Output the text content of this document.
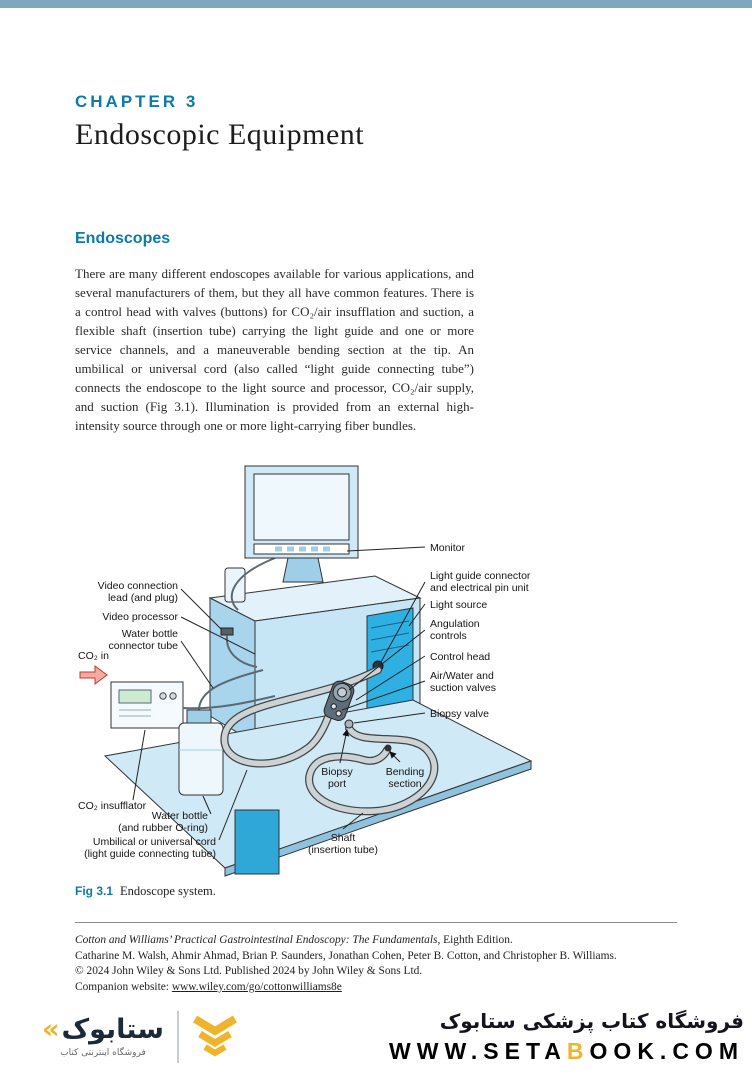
CHAPTER 3
Endoscopic Equipment
Endoscopes

There are many different endoscopes available for various applications, and several manufacturers of them, but they all have common features. There is a control head with valves (buttons) for CO₂/air insufflation and suction, a flexible shaft (insertion tube) carrying the light guide and one or more service channels, and a maneuverable bending section at the tip. An umbilical or universal cord (also called “light guide connecting tube”) connects the endoscope to the light source and processor, CO₂/air supply, and suction (Fig 3.1). Illumination is provided from an external high-intensity source through one or more light-carrying fiber bundles.

Monitor
Light guide connector
and electrical pin unit
Light source
Angulation
controls
Control head
Air/Water and
suction valves
Biopsy valve
Video connection
lead (and plug)
Video processor
Water bottle
connector tube
CO₂ in
CO₂ insufflator
Water bottle
(and rubber O-ring)
Umbilical or universal cord
(light guide connecting tube)
Biopsy
port
Bending
section
Shaft
(insertion tube)

Fig 3.1 Endoscope system.

Cotton and Williams’ Practical Gastrointestinal Endoscopy: The Fundamentals, Eighth Edition.
Catharine M. Walsh, Ahmir Ahmad, Brian P. Saunders, Jonathan Cohen, Peter B. Cotton, and Christopher B. Williams.
© 2024 John Wiley & Sons Ltd. Published 2024 by John Wiley & Sons Ltd.
Companion website: www.wiley.com/go/cottonwilliams8e
«ستابوک
فروشگاه اینترنتی کتاب
فروشگاه کتاب پزشکی ستابوک
WWW.SETABOOK.COM
